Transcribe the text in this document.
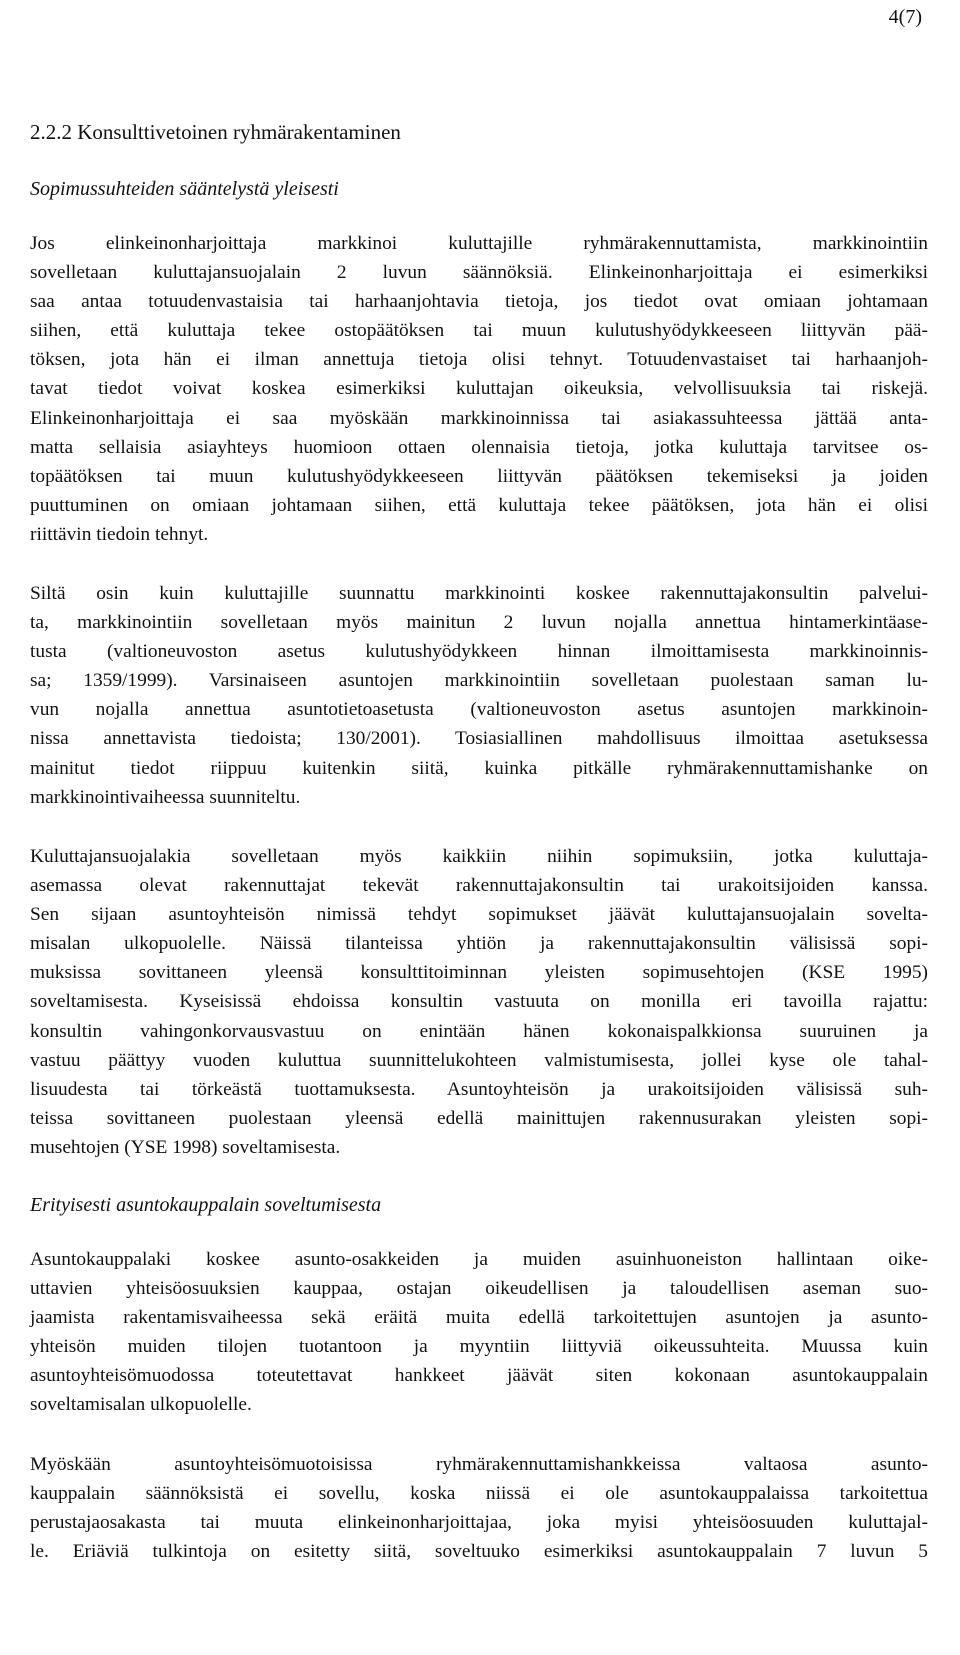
4(7)
2.2.2 Konsulttivetoinen ryhmärakentaminen
Sopimussuhteiden sääntelystä yleisesti
Jos elinkeinonharjoittaja markkinoi kuluttajille ryhmärakennuttamista, markkinointiin
sovelletaan kuluttajansuojalain 2 luvun säännöksiä. Elinkeinonharjoittaja ei esimerkiksi
saa antaa totuudenvastaisia tai harhaanjohtavia tietoja, jos tiedot ovat omiaan johtamaan
siihen, että kuluttaja tekee ostopäätöksen tai muun kulutushyödykkeeseen liittyvän pää-
töksen, jota hän ei ilman annettuja tietoja olisi tehnyt. Totuudenvastaiset tai harhaanjoh-
tavat tiedot voivat koskea esimerkiksi kuluttajan oikeuksia, velvollisuuksia tai riskejä.
Elinkeinonharjoittaja ei saa myöskään markkinoinnissa tai asiakassuhteessa jättää anta-
matta sellaisia asiayhteys huomioon ottaen olennaisia tietoja, jotka kuluttaja tarvitsee os-
topäätöksen tai muun kulutushyödykkeeseen liittyvän päätöksen tekemiseksi ja joiden
puuttuminen on omiaan johtamaan siihen, että kuluttaja tekee päätöksen, jota hän ei olisi
riittävin tiedoin tehnyt.
Siltä osin kuin kuluttajille suunnattu markkinointi koskee rakennuttajakonsultin palvelui-
ta, markkinointiin sovelletaan myös mainitun 2 luvun nojalla annettua hintamerkintäase-
tusta (valtioneuvoston asetus kulutushyödykkeen hinnan ilmoittamisesta markkinoinnis-
sa; 1359/1999). Varsinaiseen asuntojen markkinointiin sovelletaan puolestaan saman lu-
vun nojalla annettua asuntotietoasetusta (valtioneuvoston asetus asuntojen markkinoin-
nissa annettavista tiedoista; 130/2001). Tosiasiallinen mahdollisuus ilmoittaa asetuksessa
mainitut tiedot riippuu kuitenkin siitä, kuinka pitkälle ryhmärakennuttamishanke on
markkinointivaiheessa suunniteltu.
Kuluttajansuojalakia sovelletaan myös kaikkiin niihin sopimuksiin, jotka kuluttaja-
asemassa olevat rakennuttajat tekevät rakennuttajakonsultin tai urakoitsijoiden kanssa.
Sen sijaan asuntoyhteisön nimissä tehdyt sopimukset jäävät kuluttajansuojalain sovelta-
misalan ulkopuolelle. Näissä tilanteissa yhtiön ja rakennuttajakonsultin välisissä sopi-
muksissa sovittaneen yleensä konsulttitoiminnan yleisten sopimusehtojen (KSE 1995)
soveltamisesta. Kyseisissä ehdoissa konsultin vastuuta on monilla eri tavoilla rajattu:
konsultin vahingonkorvausvastuu on enintään hänen kokonaispalkkionsa suuruinen ja
vastuu päättyy vuoden kuluttua suunnittelukohteen valmistumisesta, jollei kyse ole tahal-
lisuudesta tai törkeästä tuottamuksesta. Asuntoyhteisön ja urakoitsijoiden välisissä suh-
teissa sovittaneen puolestaan yleensä edellä mainittujen rakennusurakan yleisten sopi-
musehtojen (YSE 1998) soveltamisesta.
Erityisesti asuntokauppalain soveltumisesta
Asuntokauppalaki koskee asunto-osakkeiden ja muiden asuinhuoneiston hallintaan oike-
uttavien yhteisöosuuksien kauppaa, ostajan oikeudellisen ja taloudellisen aseman suo-
jaamista rakentamisvaiheessa sekä eräitä muita edellä tarkoitettujen asuntojen ja asunto-
yhteisön muiden tilojen tuotantoon ja myyntiin liittyviä oikeussuhteita. Muussa kuin
asuntoyhteisömuodossa toteutettavat hankkeet jäävät siten kokonaan asuntokauppalain
soveltamisalan ulkopuolelle.
Myöskään asuntoyhteisömuotoisissa ryhmärakennuttamishankkeissa valtaosa asunto-
kauppalain säännöksistä ei sovellu, koska niissä ei ole asuntokauppalaissa tarkoitettua
perustajaosakasta tai muuta elinkeinonharjoittajaa, joka myisi yhteisöosuuden kuluttajal-
le. Eriäviä tulkintoja on esitetty siitä, soveltuuko esimerkiksi asuntokauppalain 7 luvun 5
